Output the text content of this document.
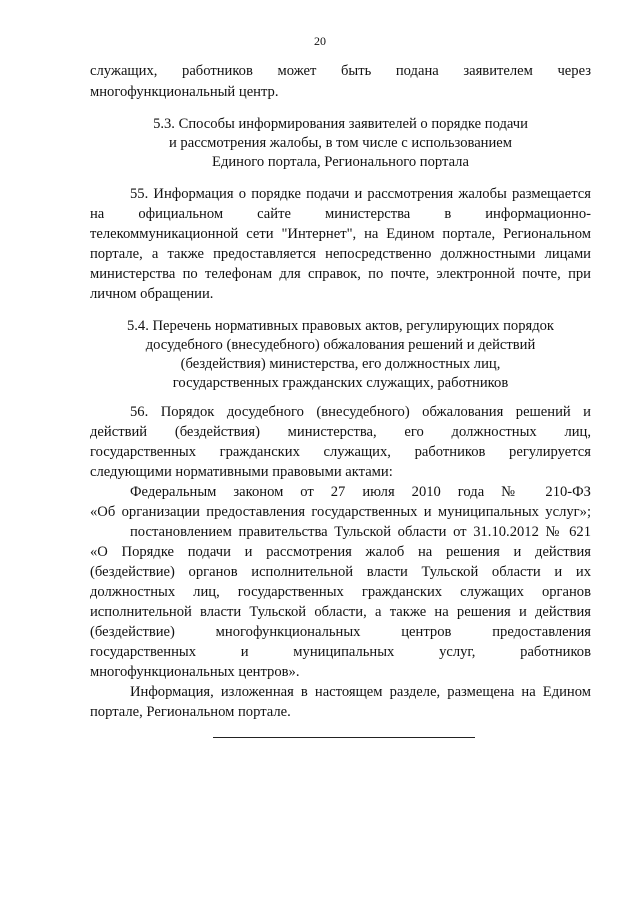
20
служащих, работников может быть подана заявителем через
многофункциональный центр.
5.3. Способы информирования заявителей о порядке подачи
и рассмотрения жалобы, в том числе с использованием
Единого портала, Регионального портала
55. Информация о порядке подачи и рассмотрения жалобы размещается
на официальном сайте министерства в информационно-
телекоммуникационной сети "Интернет", на Едином портале, Региональном
портале, а также предоставляется непосредственно должностными лицами
министерства по телефонам для справок, по почте, электронной почте, при
личном обращении.
5.4. Перечень нормативных правовых актов, регулирующих порядок
досудебного (внесудебного) обжалования решений и действий
(бездействия) министерства, его должностных лиц,
государственных гражданских служащих, работников
56. Порядок досудебного (внесудебного) обжалования решений и
действий (бездействия) министерства, его должностных лиц,
государственных гражданских служащих, работников регулируется
следующими нормативными правовыми актами:
Федеральным законом от 27 июля 2010 года № 210-ФЗ
«Об организации предоставления государственных и муниципальных услуг»;
постановлением правительства Тульской области от 31.10.2012 № 621
«О Порядке подачи и рассмотрения жалоб на решения и действия
(бездействие) органов исполнительной власти Тульской области и их
должностных лиц, государственных гражданских служащих органов
исполнительной власти Тульской области, а также на решения и действия
(бездействие) многофункциональных центров предоставления
государственных и муниципальных услуг, работников
многофункциональных центров».
Информация, изложенная в настоящем разделе, размещена на Едином
портале, Региональном портале.
